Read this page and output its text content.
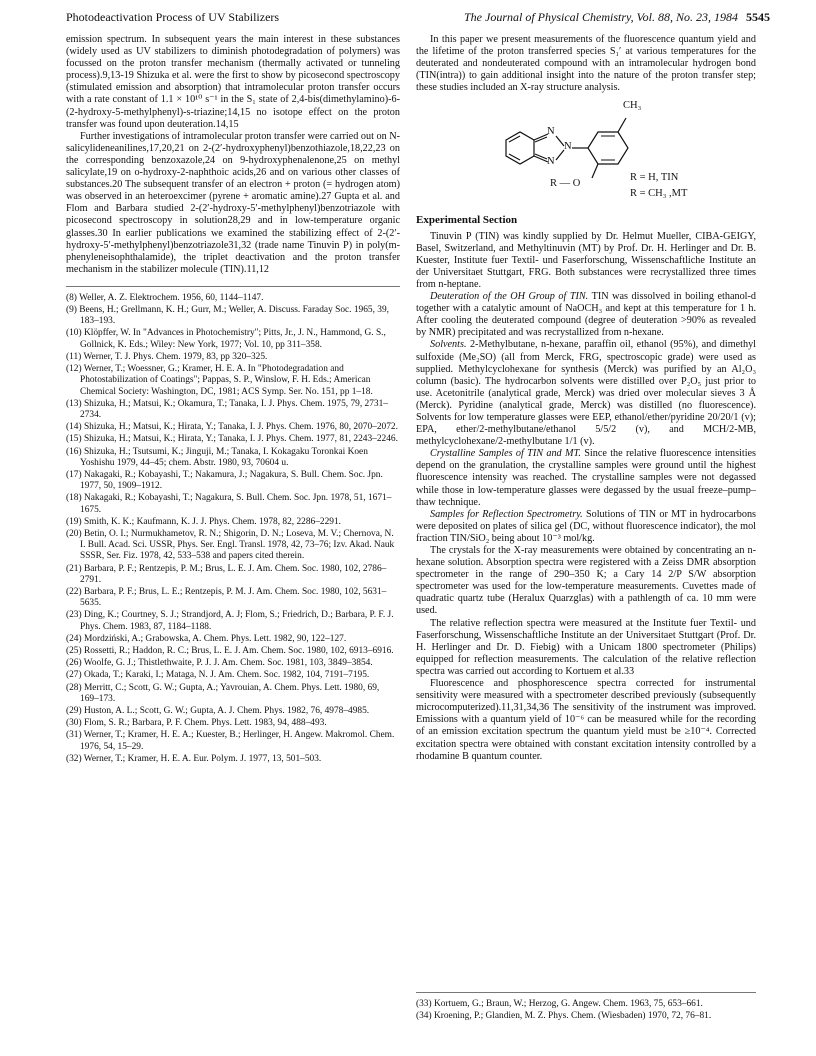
Photodeactivation Process of UV Stabilizers	The Journal of Physical Chemistry, Vol. 88, No. 23, 1984 5545

emission spectrum. In subsequent years the main interest in these substances (widely used as UV stabilizers to diminish photodegradation of polymers) was focussed on the proton transfer mechanism (thermally activated or tunneling process).9,13-19 Shizuka et al. were the first to show by picosecond spectroscopy (stimulated emission and absorption) that intramolecular proton transfer occurs with a rate constant of 1.1 × 10¹⁰ s⁻¹ in the S₁ state of 2,4-bis(dimethylamino)-6-(2-hydroxy-5-methylphenyl)-s-triazine;14,15 no isotope effect on the proton transfer was found upon deuteration.14,15

Further investigations of intramolecular proton transfer were carried out on N-salicylideneanilines,17,20,21 on 2-(2′-hydroxyphenyl)benzothiazole,18,22,23 on the corresponding benzoxazole,24 on 9-hydroxyphenalenone,25 on methyl salicylate,19 on o-hydroxy-2-naphthoic acids,26 and on various other classes of substances.20 The subsequent transfer of an electron + proton (= hydrogen atom) was observed in an heteroexcimer (pyrene + aromatic amine).27 Gupta et al. and Flom and Barbara studied 2-(2′-hydroxy-5′-methylphenyl)benzotriazole with picosecond spectroscopy in solution28,29 and in low-temperature organic glasses.30 In earlier publications we examined the stabilizing effect of 2-(2′-hydroxy-5′-methylphenyl)benzotriazole31,32 (trade name Tinuvin P) in poly(m-phenyleneisophthalamide), the triplet deactivation and the proton transfer mechanism in the stabilizer molecule (TIN).11,12

(8) Weller, A. Z. Elektrochem. 1956, 60, 1144–1147.
(9) Beens, H.; Grellmann, K. H.; Gurr, M.; Weller, A. Discuss. Faraday Soc. 1965, 39, 183–193.
(10) Klöpffer, W. In "Advances in Photochemistry"; Pitts, Jr., J. N., Hammond, G. S., Gollnick, K. Eds.; Wiley: New York, 1977; Vol. 10, pp 311–358.
(11) Werner, T. J. Phys. Chem. 1979, 83, pp 320–325.
(12) Werner, T.; Woessner, G.; Kramer, H. E. A. In "Photodegradation and Photostabilization of Coatings"; Pappas, S. P., Winslow, F. H. Eds.; American Chemical Society: Washington, DC, 1981; ACS Symp. Ser. No. 151, pp 1–18.
(13) Shizuka, H.; Matsui, K.; Okamura, T.; Tanaka, I. J. Phys. Chem. 1975, 79, 2731–2734.
(14) Shizuka, H.; Matsui, K.; Hirata, Y.; Tanaka, I. J. Phys. Chem. 1976, 80, 2070–2072.
(15) Shizuka, H.; Matsui, K.; Hirata, Y.; Tanaka, I. J. Phys. Chem. 1977, 81, 2243–2246.
(16) Shizuka, H.; Tsutsumi, K.; Jinguji, M.; Tanaka, I. Kokagaku Toronkai Koen Yoshishu 1979, 44–45; chem. Abstr. 1980, 93, 70604 u.
(17) Nakagaki, R.; Kobayashi, T.; Nakamura, J.; Nagakura, S. Bull. Chem. Soc. Jpn. 1977, 50, 1909–1912.
(18) Nakagaki, R.; Kobayashi, T.; Nagakura, S. Bull. Chem. Soc. Jpn. 1978, 51, 1671–1675.
(19) Smith, K. K.; Kaufmann, K. J. J. Phys. Chem. 1978, 82, 2286–2291.
(20) Betin, O. I.; Nurmukhametov, R. N.; Shigorin, D. N.; Loseva, M. V.; Chernova, N. I. Bull. Acad. Sci. USSR, Phys. Ser. Engl. Transl. 1978, 42, 73–76; Izv. Akad. Nauk SSSR, Ser. Fiz. 1978, 42, 533–538 and papers cited therein.
(21) Barbara, P. F.; Rentzepis, P. M.; Brus, L. E. J. Am. Chem. Soc. 1980, 102, 2786–2791.
(22) Barbara, P. F.; Brus, L. E.; Rentzepis, P. M. J. Am. Chem. Soc. 1980, 102, 5631–5635.
(23) Ding, K.; Courtney, S. J.; Strandjord, A. J; Flom, S.; Friedrich, D.; Barbara, P. F. J. Phys. Chem. 1983, 87, 1184–1188.
(24) Mordziński, A.; Grabowska, A. Chem. Phys. Lett. 1982, 90, 122–127.
(25) Rossetti, R.; Haddon, R. C.; Brus, L. E. J. Am. Chem. Soc. 1980, 102, 6913–6916.
(26) Woolfe, G. J.; Thistlethwaite, P. J. J. Am. Chem. Soc. 1981, 103, 3849–3854.
(27) Okada, T.; Karaki, I.; Mataga, N. J. Am. Chem. Soc. 1982, 104, 7191–7195.
(28) Merritt, C.; Scott, G. W.; Gupta, A.; Yavrouian, A. Chem. Phys. Lett. 1980, 69, 169–173.
(29) Huston, A. L.; Scott, G. W.; Gupta, A. J. Chem. Phys. 1982, 76, 4978–4985.
(30) Flom, S. R.; Barbara, P. F. Chem. Phys. Lett. 1983, 94, 488–493.
(31) Werner, T.; Kramer, H. E. A.; Kuester, B.; Herlinger, H. Angew. Makromol. Chem. 1976, 54, 15–29.
(32) Werner, T.; Kramer, H. E. A. Eur. Polym. J. 1977, 13, 501–503.

In this paper we present measurements of the fluorescence quantum yield and the lifetime of the proton transferred species S₁′ at various temperatures for the deuterated and nondeuterated compound with an intramolecular hydrogen bond (TIN(intra)) to gain additional insight into the nature of the proton transfer step; these studies included an X-ray structure analysis.

CH₃
N
N
N
R — O
R = H, TIN
R = CH₃ ,MT
Experimental Section

Tinuvin P (TIN) was kindly supplied by Dr. Helmut Mueller, CIBA-GEIGY, Basel, Switzerland, and Methyltinuvin (MT) by Prof. Dr. H. Herlinger and Dr. B. Kuester, Institute fuer Textil- und Faserforschung, Wissenschaftliche Institute an der Universitaet Stuttgart, FRG. Both substances were recrystallized three times from n-heptane.

Deuteration of the OH Group of TIN. TIN was dissolved in boiling ethanol-d together with a catalytic amount of NaOCH₃ and kept at this temperature for 1 h. After cooling the deuterated compound (degree of deuteration >90% as revealed by NMR) precipitated and was recrystallized from n-hexane.

Solvents. 2-Methylbutane, n-hexane, paraffin oil, ethanol (95%), and dimethyl sulfoxide (Me₂SO) (all from Merck, FRG, spectroscopic grade) were used as supplied. Methylcyclohexane for synthesis (Merck) was purified by an Al₂O₃ column (basic). The hydrocarbon solvents were distilled over P₂O₅ just prior to use. Acetonitrile (analytical grade, Merck) was dried over molecular sieves 3 Å (Merck). Pyridine (analytical grade, Merck) was distilled (no fluorescence). Solvents for low temperature glasses were EEP, ethanol/ether/pyridine 20/20/1 (v); EPA, ether/2-methylbutane/ethanol 5/5/2 (v), and MCH/2-MB, methylcyclohexane/2-methylbutane 1/1 (v).

Crystalline Samples of TIN and MT. Since the relative fluorescence intensities depend on the granulation, the crystalline samples were ground until the highest fluorescence intensity was reached. The crystalline samples were not degassed while those in low-temperature glasses were degassed by the usual freeze–pump–thaw technique.

Samples for Reflection Spectrometry. Solutions of TIN or MT in hydrocarbons were deposited on plates of silica gel (DC, without fluorescence indicator), the mol fraction TIN/SiO₂ being about 10⁻³ mol/kg.

The crystals for the X-ray measurements were obtained by concentrating an n-hexane solution. Absorption spectra were registered with a Zeiss DMR absorption spectrometer in the range of 290–350 K; a Cary 14 2/P S/W absorption spectrometer was used for the low-temperature measurements. Cuvettes made of quadratic quartz tube (Heralux Quarzglas) with a pathlength of ca. 10 mm were used.

The relative reflection spectra were measured at the Institute fuer Textil- und Faserforschung, Wissenschaftliche Institute an der Universitaet Stuttgart (Prof. Dr. H. Herlinger and Dr. D. Fiebig) with a Unicam 1800 spectrometer (Philips) equipped for reflection measurements. The calculation of the relative reflection spectra was carried out according to Kortuem et al.33

Fluorescence and phosphorescence spectra corrected for instrumental sensitivity were measured with a spectrometer described previously (subsequently microcomputerized).11,31,34,36 The sensitivity of the instrument was improved. Emissions with a quantum yield of 10⁻⁶ can be measured while for the recording of an emission excitation spectrum the quantum yield must be ≥10⁻⁴. Corrected excitation spectra were obtained with constant excitation intensity controlled by a rhodamine B quantum counter.

(33) Kortuem, G.; Braun, W.; Herzog, G. Angew. Chem. 1963, 75, 653–661.
(34) Kroening, P.; Glandien, M. Z. Phys. Chem. (Wiesbaden) 1970, 72, 76–81.
